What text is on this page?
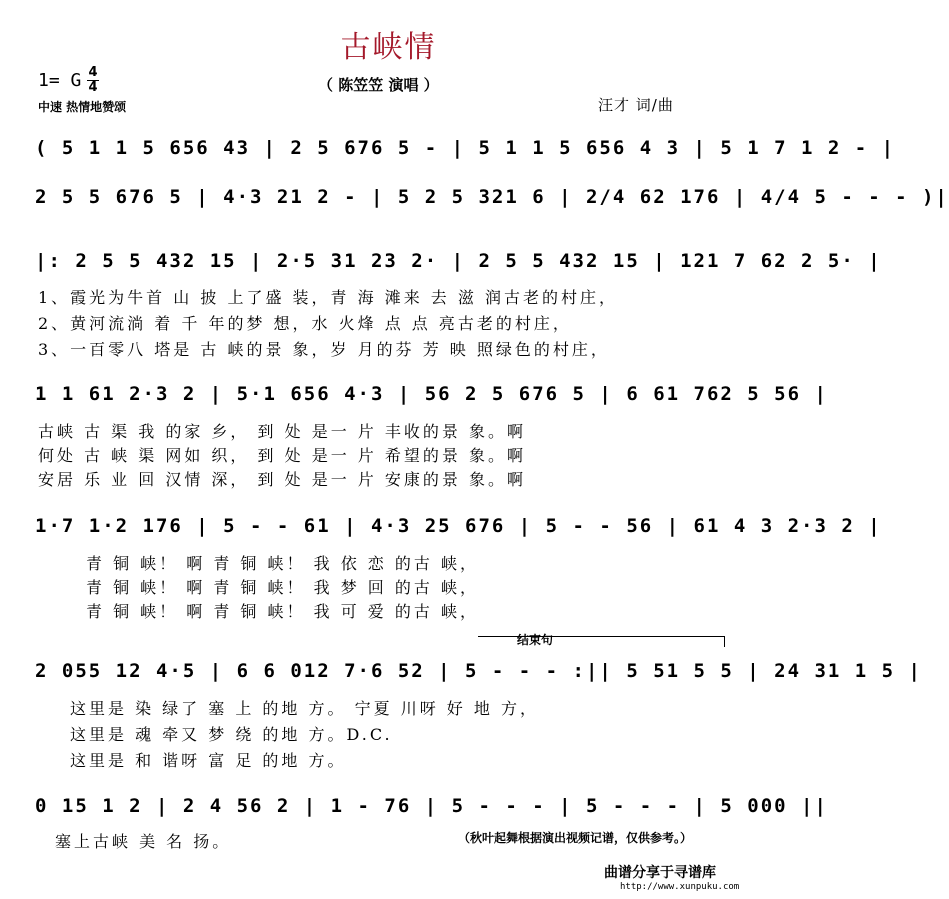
古峡情
1= G 4
4
中速 热情地赞颂
（ 陈笠笠 演唱 ）
汪才 词/曲
( 5 1 1 5 656 43 | 2 5 676 5 - | 5 1 1 5 656 4 3 | 5 1 7 1 2 - |
2 5 5 676 5 | 4·3 21 2 - | 5 2 5 321 6 | 2/4 62 176 | 4/4 5 - - - )|
|: 2 5 5 432 15 | 2·5 31 23 2· | 2 5 5 432 15 | 121 7 62 2 5· |
1 1 61 2·3 2 | 5·1 656 4·3 | 56 2 5 676 5 | 6 61 762 5 56 |
1·7 1·2 176 | 5 - - 61 | 4·3 25 676 | 5 - - 56 | 61 4 3 2·3 2 |
2 055 12 4·5 | 6 6 012 7·6 52 | 5 - - - :|| 5 51 5 5 | 24 31 1 5 |
0 15 1 2 | 2 4 56 2 | 1 - 76 | 5 - - - | 5 - - - | 5 000 ||
1、霞光为牛首 山 披 上了盛 装，青 海 滩来 去 滋 润古老的村庄，
2、黄河流淌 着 千 年的梦 想，水 火烽 点 点 亮古老的村庄，
3、一百零八 塔是 古 峡的景 象，岁 月的芬 芳 映 照绿色的村庄，
古峡 古 渠 我 的家 乡， 到 处 是一 片 丰收的景 象。啊
何处 古 峡 渠 网如 织， 到 处 是一 片 希望的景 象。啊
安居 乐 业 回 汉情 深， 到 处 是一 片 安康的景 象。啊
青 铜 峡！ 啊 青 铜 峡！ 我 依 恋 的古 峡，
青 铜 峡！ 啊 青 铜 峡！ 我 梦 回 的古 峡，
青 铜 峡！ 啊 青 铜 峡！ 我 可 爱 的古 峡，
结束句
这里是 染 绿了 塞 上 的地 方。 宁夏 川呀 好 地 方，
这里是 魂 牵又 梦 绕 的地 方。D.C.
这里是 和 谐呀 富 足 的地 方。
塞上古峡 美 名 扬。	（秋叶起舞根据演出视频记谱，仅供参考。）
曲谱分享于寻谱库
http://www.xunpuku.com
